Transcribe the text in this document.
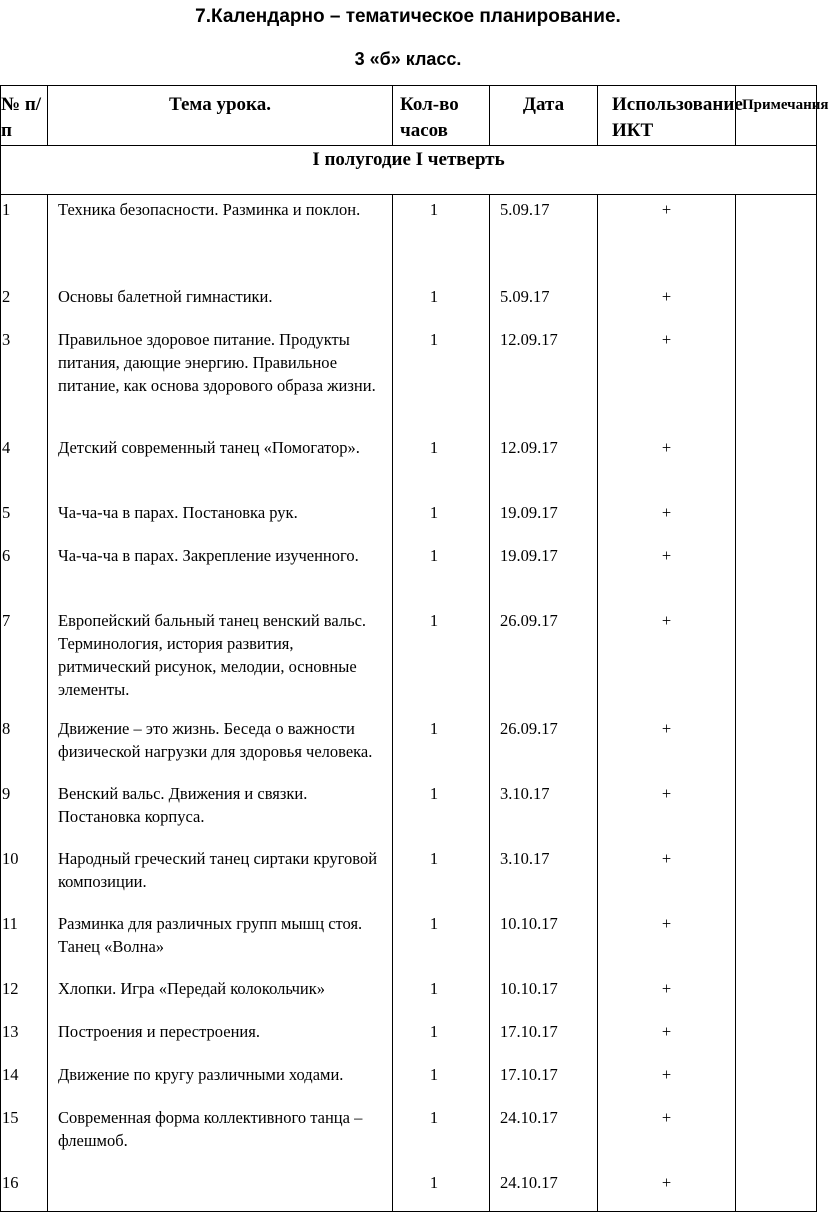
7.Календарно – тематическое планирование.
3 «б» класс.
№ п/п	Тема урока.	Кол-во часов	Дата	Использование ИКТ	Примечания

I полугодие I четверть					

1	Техника безопасности. Разминка и поклон.	1	5.09.17	+	

2	Основы балетной гимнастики.	1	5.09.17	+	

3	Правильное здоровое питание. Продукты питания, дающие энергию. Правильное питание, как основа здорового образа жизни.	1	12.09.17	+	

4	Детский современный танец «Помогатор».	1	12.09.17	+	

5	Ча-ча-ча в парах. Постановка рук.	1	19.09.17	+	

6	Ча-ча-ча в парах. Закрепление изученного.	1	19.09.17	+	

7	Европейский бальный танец венский вальс. Терминология, история развития, ритмический рисунок, мелодии, основные элементы.	1	26.09.17	+	

8	Движение – это жизнь. Беседа о важности физической нагрузки для здоровья человека.	1	26.09.17	+	

9	Венский вальс. Движения и связки. Постановка корпуса.	1	3.10.17	+	

10	Народный греческий танец сиртаки круговой композиции.	1	3.10.17	+	

11	Разминка для различных групп мышц стоя. Танец «Волна»	1	10.10.17	+	

12	Хлопки. Игра «Передай колокольчик»	1	10.10.17	+	

13	Построения и перестроения.	1	17.10.17	+	

14	Движение по кругу различными ходами.	1	17.10.17	+	

15	Современная форма коллективного танца – флешмоб.	1	24.10.17	+	

16		1	24.10.17	+	
